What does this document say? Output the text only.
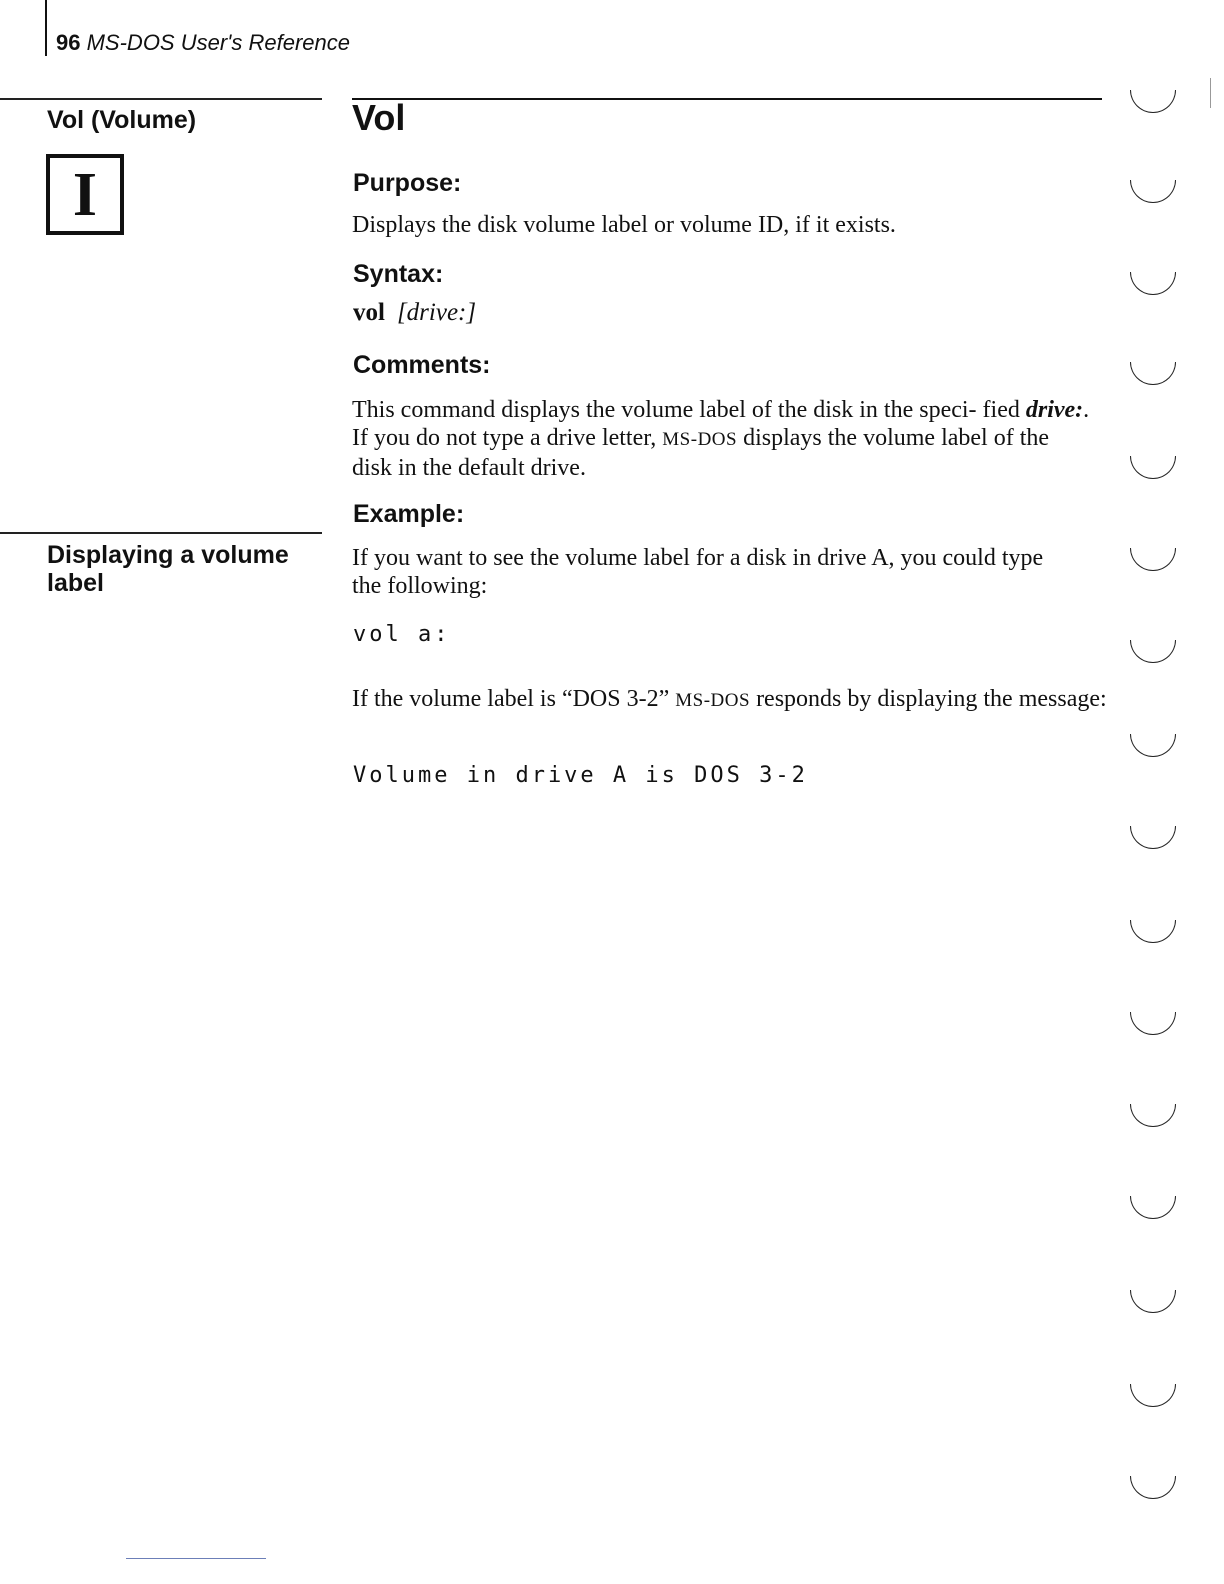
96 MS-DOS User's Reference
Vol (Volume)
I
Displaying a volume label
Vol
Purpose:
Displays the disk volume label or volume ID, if it exists.
Syntax:
vol [drive:]
Comments:
This command displays the volume label of the disk in the speci- fied drive:. If you do not type a drive letter, MS-DOS displays the volume label of the disk in the default drive.
Example:
If you want to see the volume label for a disk in drive A, you could type the following:
vol a:
If the volume label is “DOS 3-2” MS-DOS responds by displaying the message:
Volume in drive A is DOS 3-2
